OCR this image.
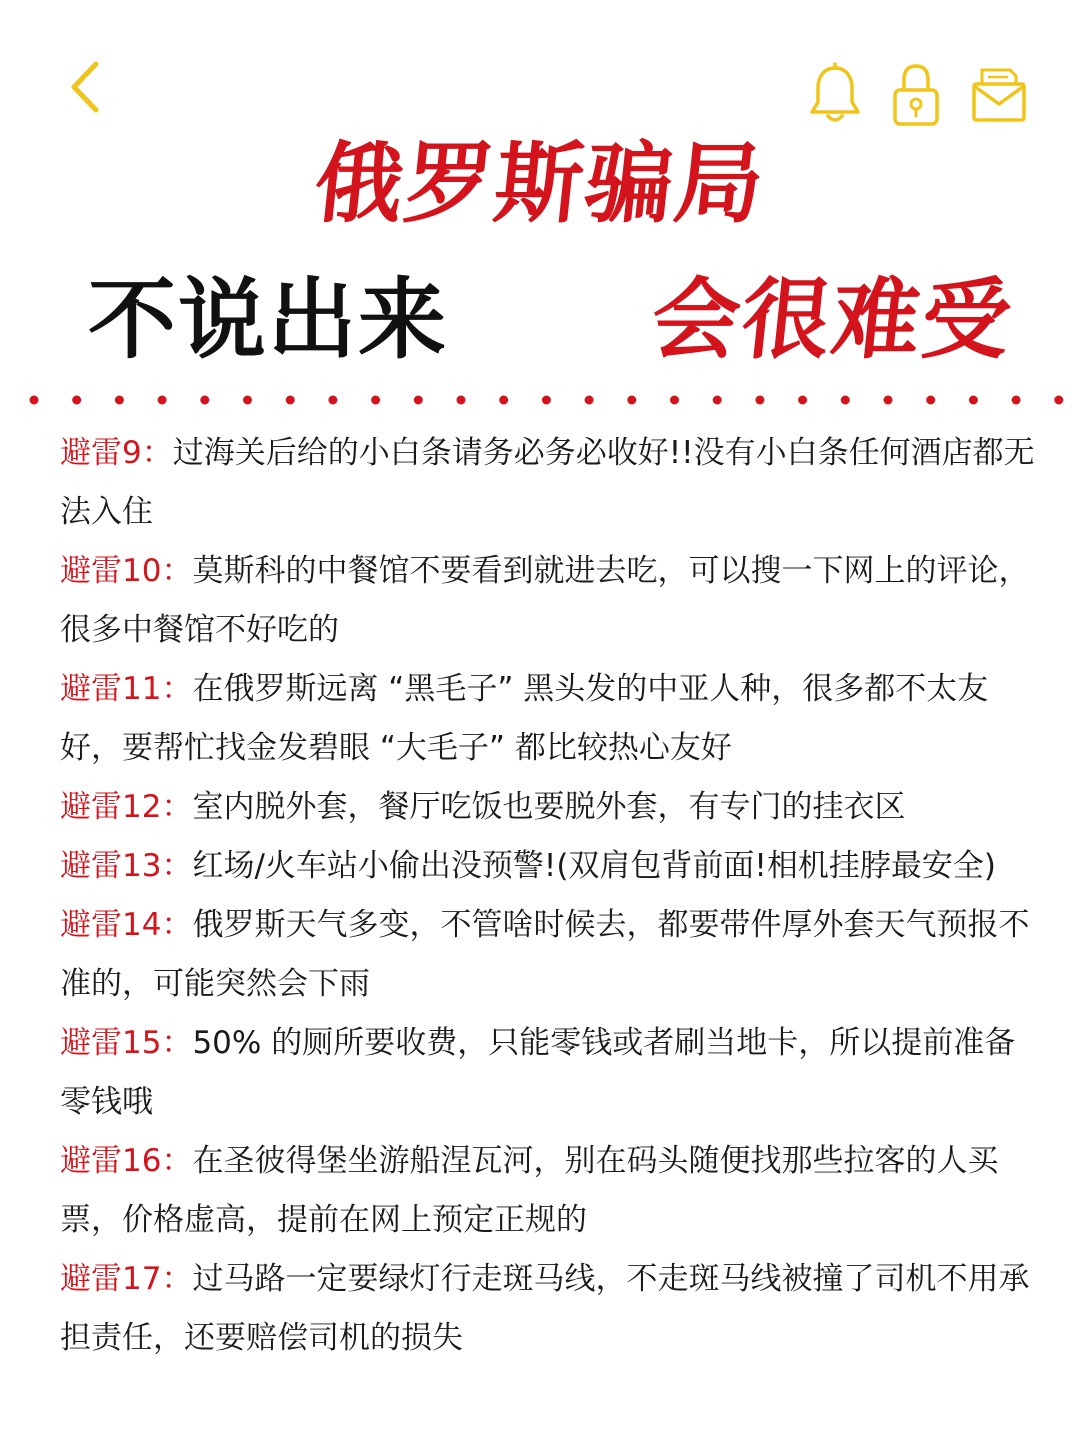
俄罗斯骗局
不说出来 会很难受

避雷9：过海关后给的小白条请务必务必收好!!没有小白条任何酒店都无法入住

避雷10：莫斯科的中餐馆不要看到就进去吃，可以搜一下网上的评论，很多中餐馆不好吃的

避雷11：在俄罗斯远离 “黑毛子” 黑头发的中亚人种，很多都不太友好，要帮忙找金发碧眼 “大毛子” 都比较热心友好

避雷12：室内脱外套，餐厅吃饭也要脱外套，有专门的挂衣区

避雷13：红场/火车站小偷出没预警!(双肩包背前面!相机挂脖最安全)

避雷14：俄罗斯天气多变，不管啥时候去，都要带件厚外套天气预报不准的，可能突然会下雨

避雷15：50% 的厕所要收费，只能零钱或者刷当地卡，所以提前准备零钱哦

避雷16：在圣彼得堡坐游船涅瓦河，别在码头随便找那些拉客的人买票，价格虚高，提前在网上预定正规的

避雷17：过马路一定要绿灯行走斑马线，不走斑马线被撞了司机不用承担责任，还要赔偿司机的损失
